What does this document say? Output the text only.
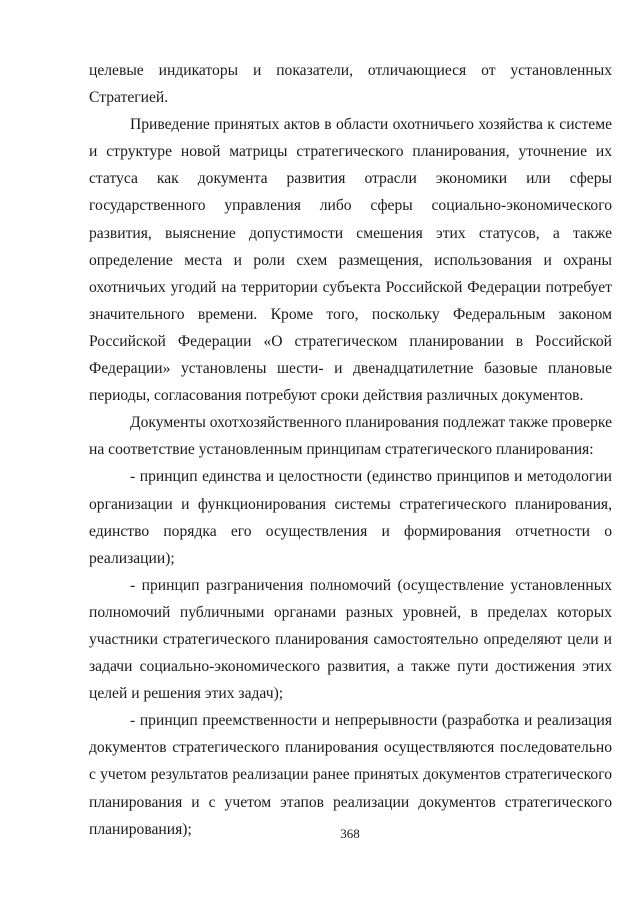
целевые индикаторы и показатели, отличающиеся от установленных Стратегией.

Приведение принятых актов в области охотничьего хозяйства к системе и структуре новой матрицы стратегического планирования, уточнение их статуса как документа развития отрасли экономики или сферы государственного управления либо сферы социально-экономического развития, выяснение допустимости смешения этих статусов, а также определение места и роли схем размещения, использования и охраны охотничьих угодий на территории субъекта Российской Федерации потребует значительного времени. Кроме того, поскольку Федеральным законом Российской Федерации «О стратегическом планировании в Российской Федерации» установлены шести- и двенадцатилетние базовые плановые периоды, согласования потребуют сроки действия различных документов.

Документы охотхозяйственного планирования подлежат также проверке на соответствие установленным принципам стратегического планирования:

- принцип единства и целостности (единство принципов и методологии организации и функционирования системы стратегического планирования, единство порядка его осуществления и формирования отчетности о реализации);

- принцип разграничения полномочий (осуществление установленных полномочий публичными органами разных уровней, в пределах которых участники стратегического планирования самостоятельно определяют цели и задачи социально-экономического развития, а также пути достижения этих целей и решения этих задач);

- принцип преемственности и непрерывности (разработка и реализация документов стратегического планирования осуществляются последовательно с учетом результатов реализации ранее принятых документов стратегического планирования и с учетом этапов реализации документов стратегического планирования);	368
